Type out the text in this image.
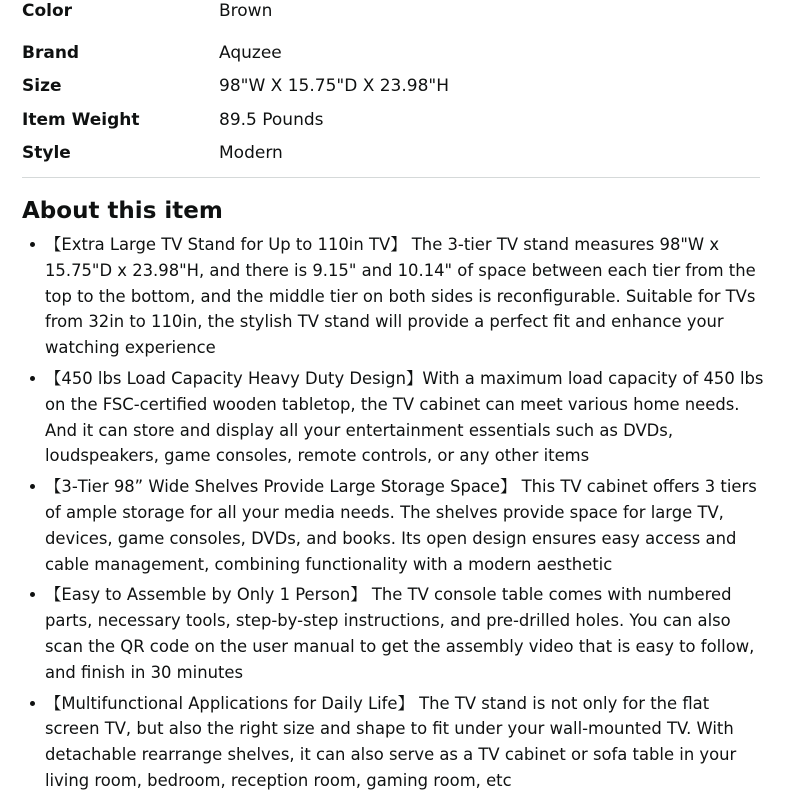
Color	Brown
Brand	Aquzee
Size	98"W X 15.75"D X 23.98"H
Item Weight	89.5 Pounds
Style	Modern
About this item
【Extra Large TV Stand for Up to 110in TV】 The 3-tier TV stand measures 98"W x 15.75"D x 23.98"H, and there is 9.15" and 10.14" of space between each tier from the top to the bottom, and the middle tier on both sides is reconfigurable. Suitable for TVs from 32in to 110in, the stylish TV stand will provide a perfect fit and enhance your watching experience
【450 lbs Load Capacity Heavy Duty Design】With a maximum load capacity of 450 lbs on the FSC-certified wooden tabletop, the TV cabinet can meet various home needs. And it can store and display all your entertainment essentials such as DVDs, loudspeakers, game consoles, remote controls, or any other items
【3-Tier 98” Wide Shelves Provide Large Storage Space】 This TV cabinet offers 3 tiers of ample storage for all your media needs. The shelves provide space for large TV, devices, game consoles, DVDs, and books. Its open design ensures easy access and cable management, combining functionality with a modern aesthetic
【Easy to Assemble by Only 1 Person】 The TV console table comes with numbered parts, necessary tools, step-by-step instructions, and pre-drilled holes. You can also scan the QR code on the user manual to get the assembly video that is easy to follow, and finish in 30 minutes
【Multifunctional Applications for Daily Life】 The TV stand is not only for the flat screen TV, but also the right size and shape to fit under your wall-mounted TV. With detachable rearrange shelves, it can also serve as a TV cabinet or sofa table in your living room, bedroom, reception room, gaming room, etc
